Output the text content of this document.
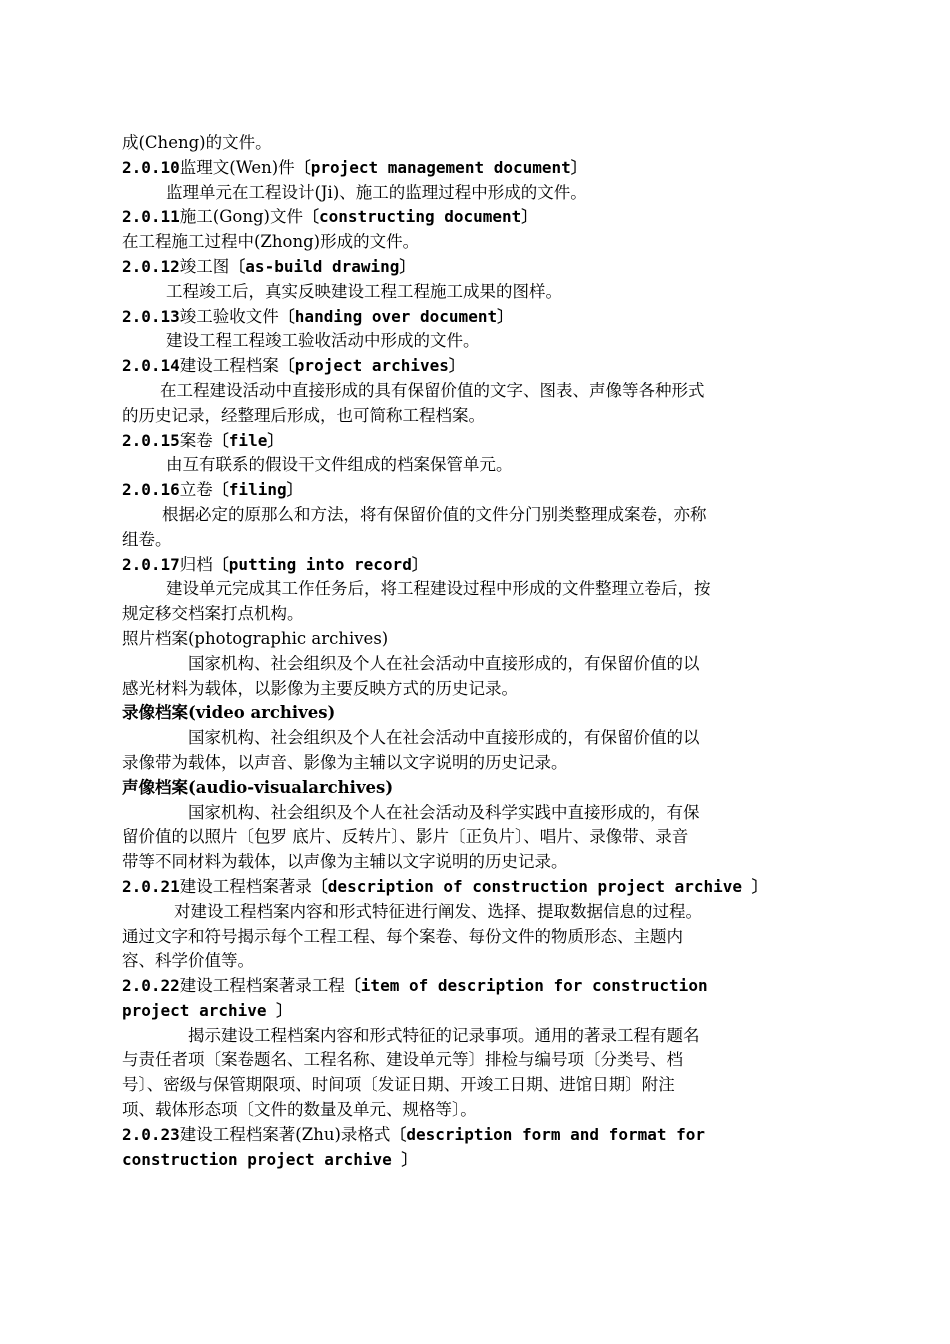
成(Cheng)的文件。
2.0.10监理文(Wen)件〔project management document〕
监理单元在工程设计(Ji)、施工的监理过程中形成的文件。
2.0.11施工(Gong)文件〔constructing document〕
在工程施工过程中(Zhong)形成的文件。
2.0.12竣工图〔as-build drawing〕
工程竣工后，真实反映建设工程工程施工成果的图样。
2.0.13竣工验收文件〔handing over document〕
建设工程工程竣工验收活动中形成的文件。
2.0.14建设工程档案〔project archives〕
在工程建设活动中直接形成的具有保留价值的文字、图表、声像等各种形式
的历史记录，经整理后形成，也可简称工程档案。
2.0.15案卷〔file〕
由互有联系的假设干文件组成的档案保管单元。
2.0.16立卷〔filing〕
根据必定的原那么和方法，将有保留价值的文件分门别类整理成案卷，亦称
组卷。
2.0.17归档〔putting into record〕
建设单元完成其工作任务后，将工程建设过程中形成的文件整理立卷后，按
规定移交档案打点机构。
照片档案(photographic archives)
国家机构、社会组织及个人在社会活动中直接形成的，有保留价值的以
感光材料为载体，以影像为主要反映方式的历史记录。
录像档案(video archives)
国家机构、社会组织及个人在社会活动中直接形成的，有保留价值的以
录像带为载体，以声音、影像为主辅以文字说明的历史记录。
声像档案(audio-visualarchives)
国家机构、社会组织及个人在社会活动及科学实践中直接形成的，有保
留价值的以照片〔包罗 底片、反转片〕、影片〔正负片〕、唱片、录像带、录音
带等不同材料为载体，以声像为主辅以文字说明的历史记录。
2.0.21建设工程档案著录〔description of construction project archive 〕
对建设工程档案内容和形式特征进行阐发、选择、提取数据信息的过程。
通过文字和符号揭示每个工程工程、每个案卷、每份文件的物质形态、主题内
容、科学价值等。
2.0.22建设工程档案著录工程〔item of description for construction
project archive 〕
揭示建设工程档案内容和形式特征的记录事项。通用的著录工程有题名
与责任者项〔案卷题名、工程名称、建设单元等〕排检与编号项〔分类号、档
号〕、密级与保管期限项、时间项〔发证日期、开竣工日期、进馆日期〕附注
项、载体形态项〔文件的数量及单元、规格等〕。
2.0.23建设工程档案著(Zhu)录格式〔description form and format for
construction project archive 〕
